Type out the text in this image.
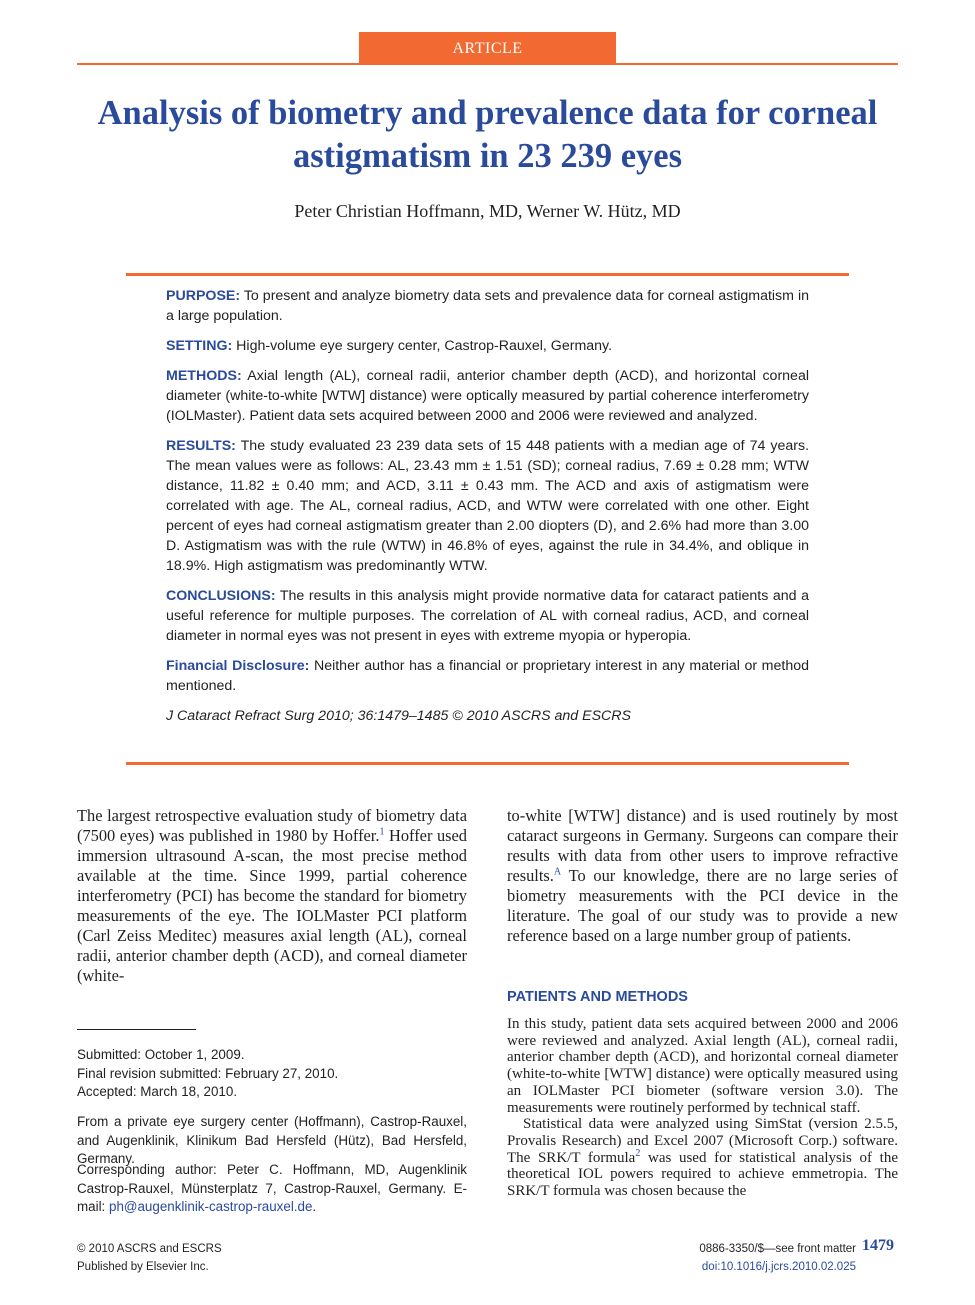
ARTICLE
Analysis of biometry and prevalence data for corneal astigmatism in 23 239 eyes
Peter Christian Hoffmann, MD, Werner W. Hütz, MD

PURPOSE: To present and analyze biometry data sets and prevalence data for corneal astigmatism in a large population.

SETTING: High-volume eye surgery center, Castrop-Rauxel, Germany.

METHODS: Axial length (AL), corneal radii, anterior chamber depth (ACD), and horizontal corneal diameter (white-to-white [WTW] distance) were optically measured by partial coherence interferometry (IOLMaster). Patient data sets acquired between 2000 and 2006 were reviewed and analyzed.

RESULTS: The study evaluated 23 239 data sets of 15 448 patients with a median age of 74 years. The mean values were as follows: AL, 23.43 mm ± 1.51 (SD); corneal radius, 7.69 ± 0.28 mm; WTW distance, 11.82 ± 0.40 mm; and ACD, 3.11 ± 0.43 mm. The ACD and axis of astigmatism were correlated with age. The AL, corneal radius, ACD, and WTW were correlated with one other. Eight percent of eyes had corneal astigmatism greater than 2.00 diopters (D), and 2.6% had more than 3.00 D. Astigmatism was with the rule (WTW) in 46.8% of eyes, against the rule in 34.4%, and oblique in 18.9%. High astigmatism was predominantly WTW.

CONCLUSIONS: The results in this analysis might provide normative data for cataract patients and a useful reference for multiple purposes. The correlation of AL with corneal radius, ACD, and corneal diameter in normal eyes was not present in eyes with extreme myopia or hyperopia.

Financial Disclosure: Neither author has a financial or proprietary interest in any material or method mentioned.

J Cataract Refract Surg 2010; 36:1479–1485 © 2010 ASCRS and ESCRS

The largest retrospective evaluation study of biometry data (7500 eyes) was published in 1980 by Hoffer.$^1$ Hoffer used immersion ultrasound A-scan, the most precise method available at the time. Since 1999, partial coherence interferometry (PCI) has become the standard for biometry measurements of the eye. The IOLMaster PCI platform (Carl Zeiss Meditec) measures axial length (AL), corneal radii, anterior chamber depth (ACD), and corneal diameter (white-

to-white [WTW] distance) and is used routinely by most cataract surgeons in Germany. Surgeons can compare their results with data from other users to improve refractive results.$^A$ To our knowledge, there are no large series of biometry measurements with the PCI device in the literature. The goal of our study was to provide a new reference based on a large number group of patients.

PATIENTS AND METHODS

In this study, patient data sets acquired between 2000 and 2006 were reviewed and analyzed. Axial length (AL), corneal radii, anterior chamber depth (ACD), and horizontal corneal diameter (white-to-white [WTW] distance) were optically measured using an IOLMaster PCI biometer (software version 3.0). The measurements were routinely performed by technical staff.

Statistical data were analyzed using SimStat (version 2.5.5, Provalis Research) and Excel 2007 (Microsoft Corp.) software. The SRK/T formula$^2$ was used for statistical analysis of the theoretical IOL powers required to achieve emmetropia. The SRK/T formula was chosen because the

Submitted: October 1, 2009.
Final revision submitted: February 27, 2010.
Accepted: March 18, 2010.
From a private eye surgery center (Hoffmann), Castrop-Rauxel, and Augenklinik, Klinikum Bad Hersfeld (Hütz), Bad Hersfeld, Germany.
Corresponding author: Peter C. Hoffmann, MD, Augenklinik Castrop-Rauxel, Münsterplatz 7, Castrop-Rauxel, Germany. E-mail: ph@augenklinik-castrop-rauxel.de.
© 2010 ASCRS and ESCRS
Published by Elsevier Inc.
0886-3350/$—see front matter
doi:10.1016/j.jcrs.2010.02.025
1479
